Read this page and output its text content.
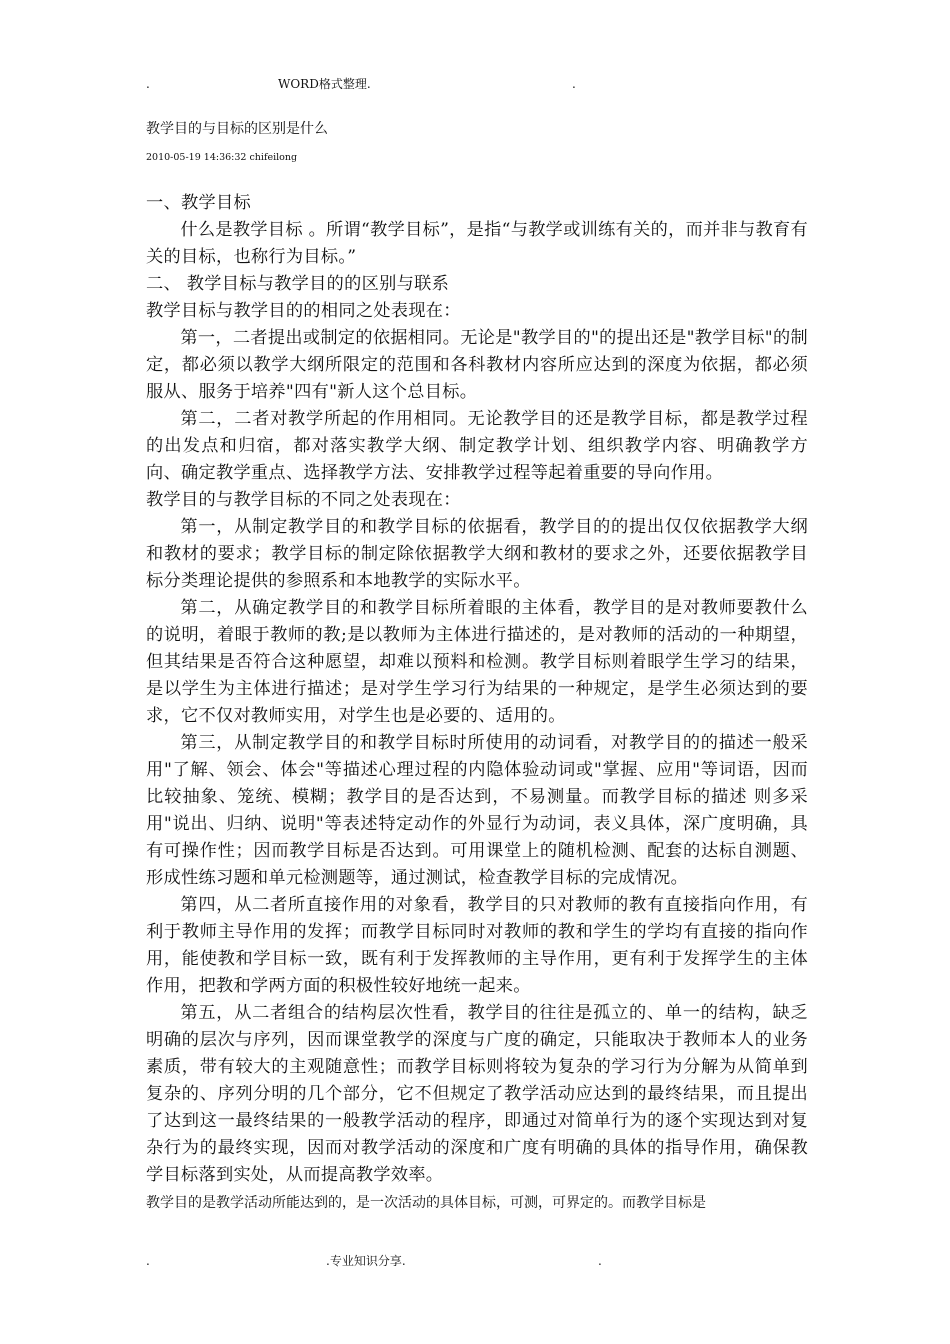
.	WORD格式整理.	.
教学目的与目标的区别是什么
2010-05-19 14:36:32 chifeilong

一、教学目标

什么是教学目标 。所谓“教学目标”，是指“与教学或训练有关的，而并非与教育有关的目标，也称行为目标。”

二、 教学目标与教学目的的区别与联系

教学目标与教学目的的相同之处表现在：

第一，二者提出或制定的依据相同。无论是"教学目的"的提出还是"教学目标"的制定，都必须以教学大纲所限定的范围和各科教材内容所应达到的深度为依据，都必须服从、服务于培养"四有"新人这个总目标。

第二，二者对教学所起的作用相同。无论教学目的还是教学目标，都是教学过程的出发点和归宿，都对落实教学大纲、制定教学计划、组织教学内容、明确教学方向、确定教学重点、选择教学方法、安排教学过程等起着重要的导向作用。

教学目的与教学目标的不同之处表现在：

第一，从制定教学目的和教学目标的依据看，教学目的的提出仅仅依据教学大纲和教材的要求；教学目标的制定除依据教学大纲和教材的要求之外，还要依据教学目标分类理论提供的参照系和本地教学的实际水平。

第二，从确定教学目的和教学目标所着眼的主体看，教学目的是对教师要教什么的说明，着眼于教师的教;是以教师为主体进行描述的，是对教师的活动的一种期望，但其结果是否符合这种愿望，却难以预料和检测。教学目标则着眼学生学习的结果，是以学生为主体进行描述；是对学生学习行为结果的一种规定，是学生必须达到的要求，它不仅对教师实用，对学生也是必要的、适用的。

第三，从制定教学目的和教学目标时所使用的动词看，对教学目的的描述一般采用"了解、领会、体会"等描述心理过程的内隐体验动词或"掌握、应用"等词语，因而比较抽象、笼统、模糊；教学目的是否达到，不易测量。而教学目标的描述 则多采用"说出、归纳、说明"等表述特定动作的外显行为动词，表义具体，深广度明确，具有可操作性；因而教学目标是否达到。可用课堂上的随机检测、配套的达标自测题、形成性练习题和单元检测题等，通过测试，检查教学目标的完成情况。

第四，从二者所直接作用的对象看，教学目的只对教师的教有直接指向作用，有利于教师主导作用的发挥；而教学目标同时对教师的教和学生的学均有直接的指向作用，能使教和学目标一致，既有利于发挥教师的主导作用，更有利于发挥学生的主体作用，把教和学两方面的积极性较好地统一起来。

第五，从二者组合的结构层次性看，教学目的往往是孤立的、单一的结构，缺乏明确的层次与序列，因而课堂教学的深度与广度的确定，只能取决于教师本人的业务素质，带有较大的主观随意性；而教学目标则将较为复杂的学习行为分解为从简单到复杂的、序列分明的几个部分，它不但规定了教学活动应达到的最终结果，而且提出了达到这一最终结果的一般教学活动的程序，即通过对简单行为的逐个实现达到对复杂行为的最终实现，因而对教学活动的深度和广度有明确的具体的指导作用，确保教学目标落到实处，从而提高教学效率。

教学目的是教学活动所能达到的，是一次活动的具体目标，可测，可界定的。而教学目标是
.	.专业知识分享.	.
